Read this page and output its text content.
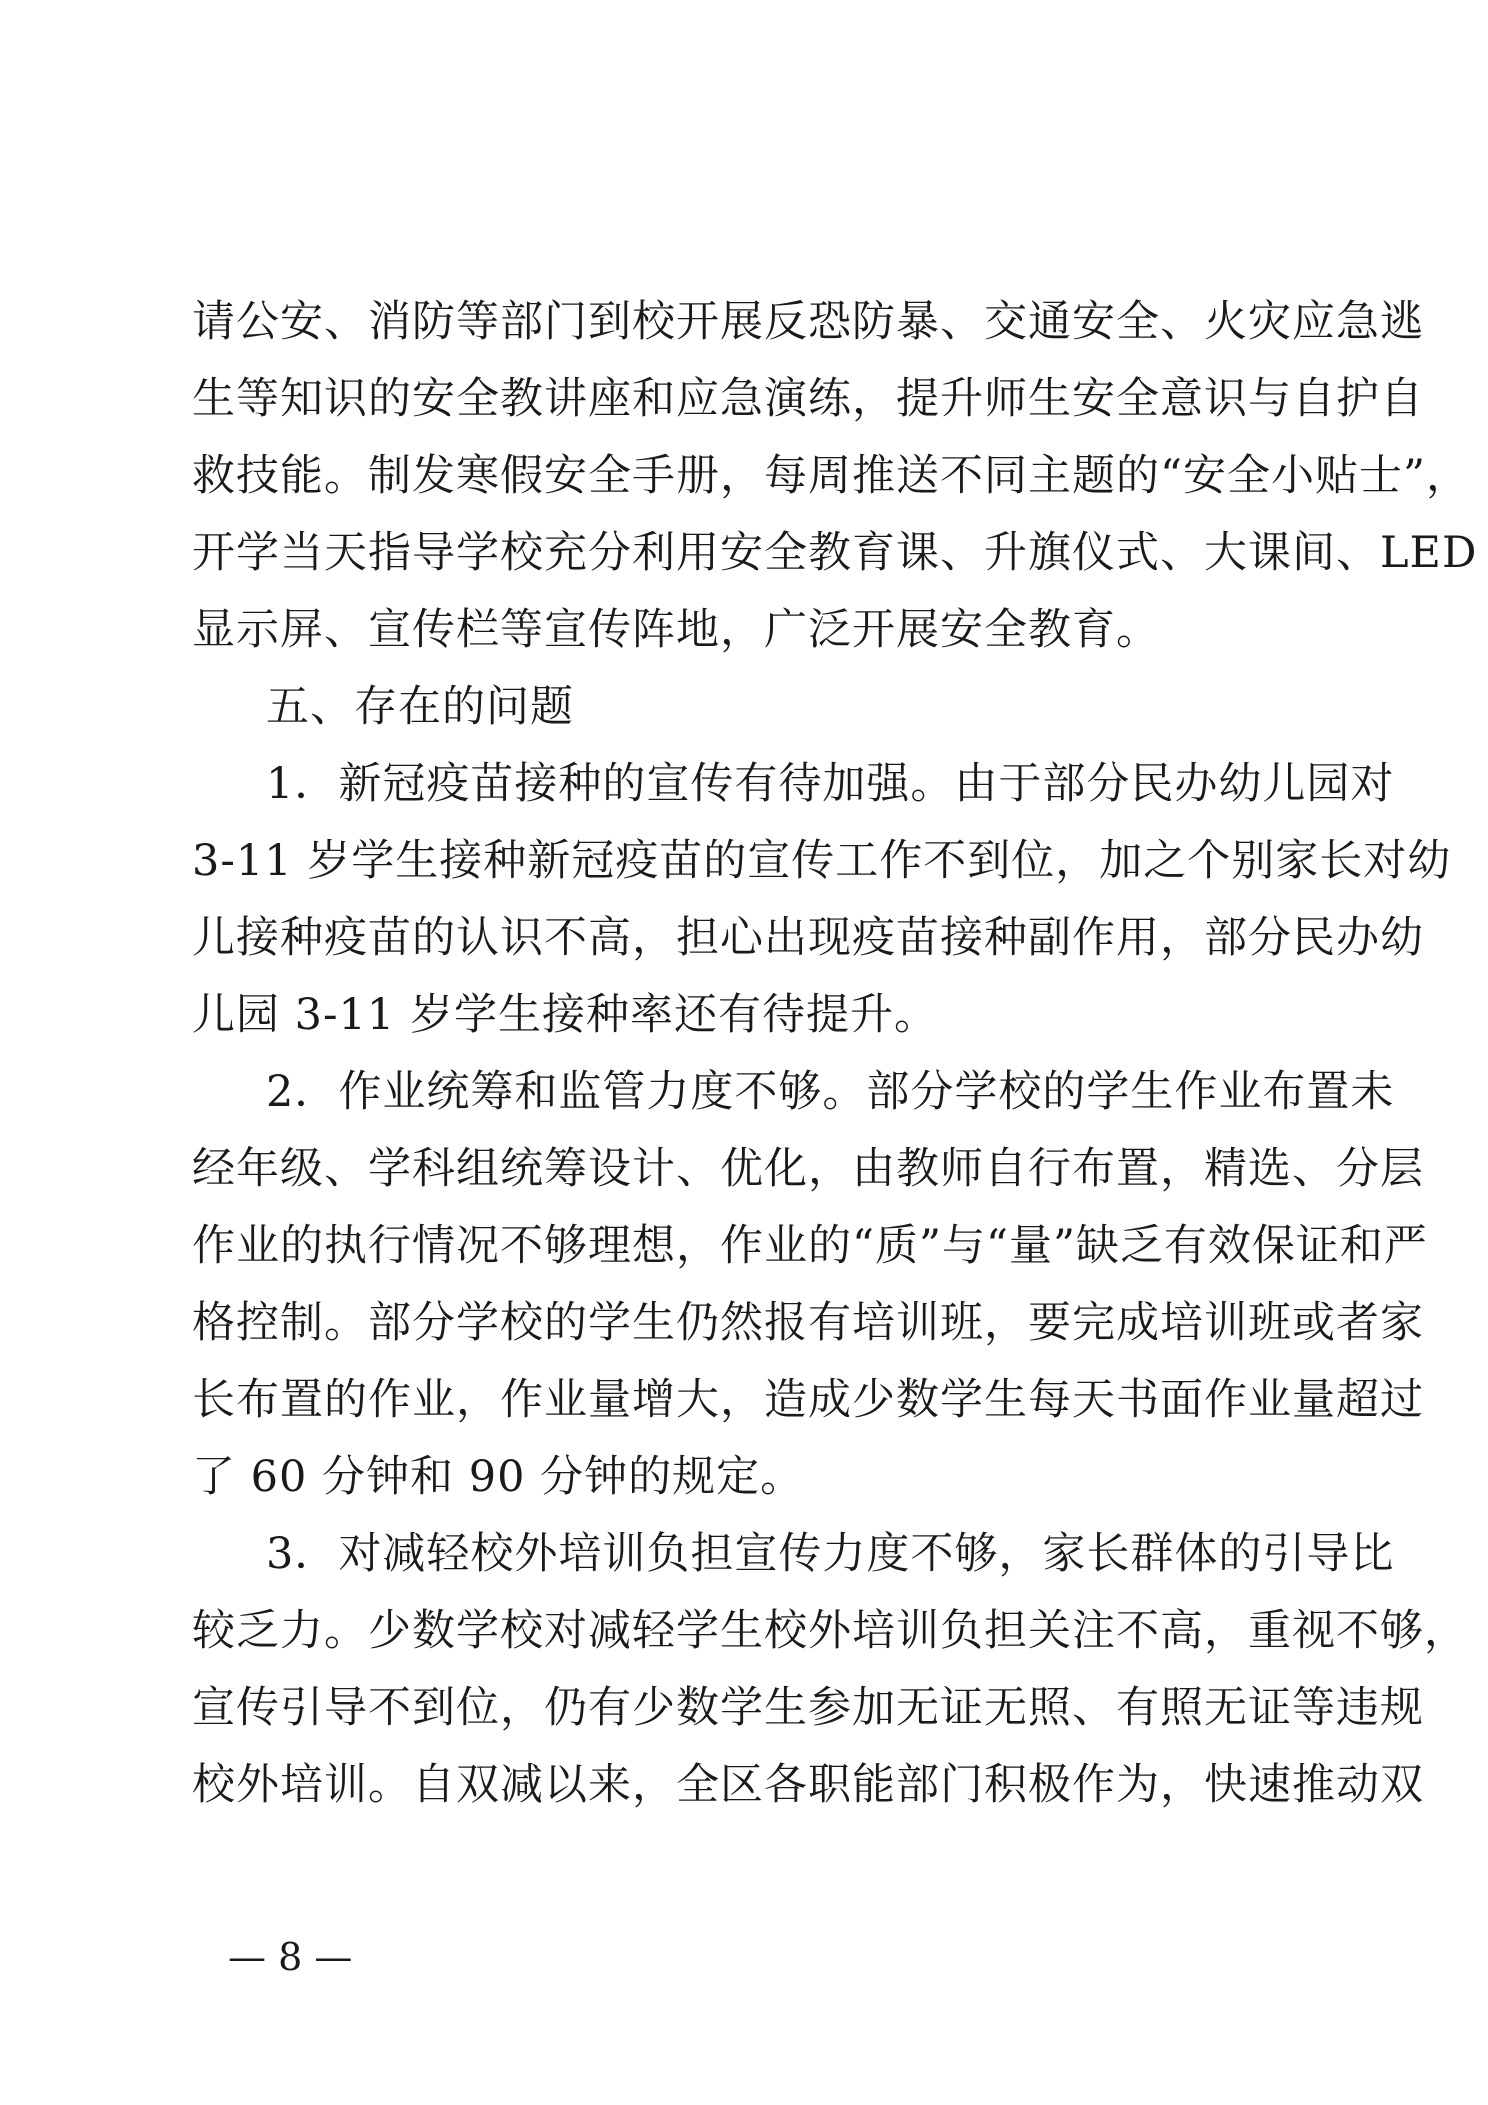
请公安、消防等部门到校开展反恐防暴、交通安全、火灾应急逃
生等知识的安全教讲座和应急演练，提升师生安全意识与自护自
救技能。制发寒假安全手册，每周推送不同主题的“安全小贴士”，
开学当天指导学校充分利用安全教育课、升旗仪式、大课间、LED
显示屏、宣传栏等宣传阵地，广泛开展安全教育。
五、存在的问题
1．新冠疫苗接种的宣传有待加强。由于部分民办幼儿园对
3-11 岁学生接种新冠疫苗的宣传工作不到位，加之个别家长对幼
儿接种疫苗的认识不高，担心出现疫苗接种副作用，部分民办幼
儿园 3-11 岁学生接种率还有待提升。
2．作业统筹和监管力度不够。部分学校的学生作业布置未
经年级、学科组统筹设计、优化，由教师自行布置，精选、分层
作业的执行情况不够理想，作业的“质”与“量”缺乏有效保证和严
格控制。部分学校的学生仍然报有培训班，要完成培训班或者家
长布置的作业，作业量增大，造成少数学生每天书面作业量超过
了 60 分钟和 90 分钟的规定。
3．对减轻校外培训负担宣传力度不够，家长群体的引导比
较乏力。少数学校对减轻学生校外培训负担关注不高，重视不够，
宣传引导不到位，仍有少数学生参加无证无照、有照无证等违规
校外培训。自双减以来，全区各职能部门积极作为，快速推动双
— 8 —
